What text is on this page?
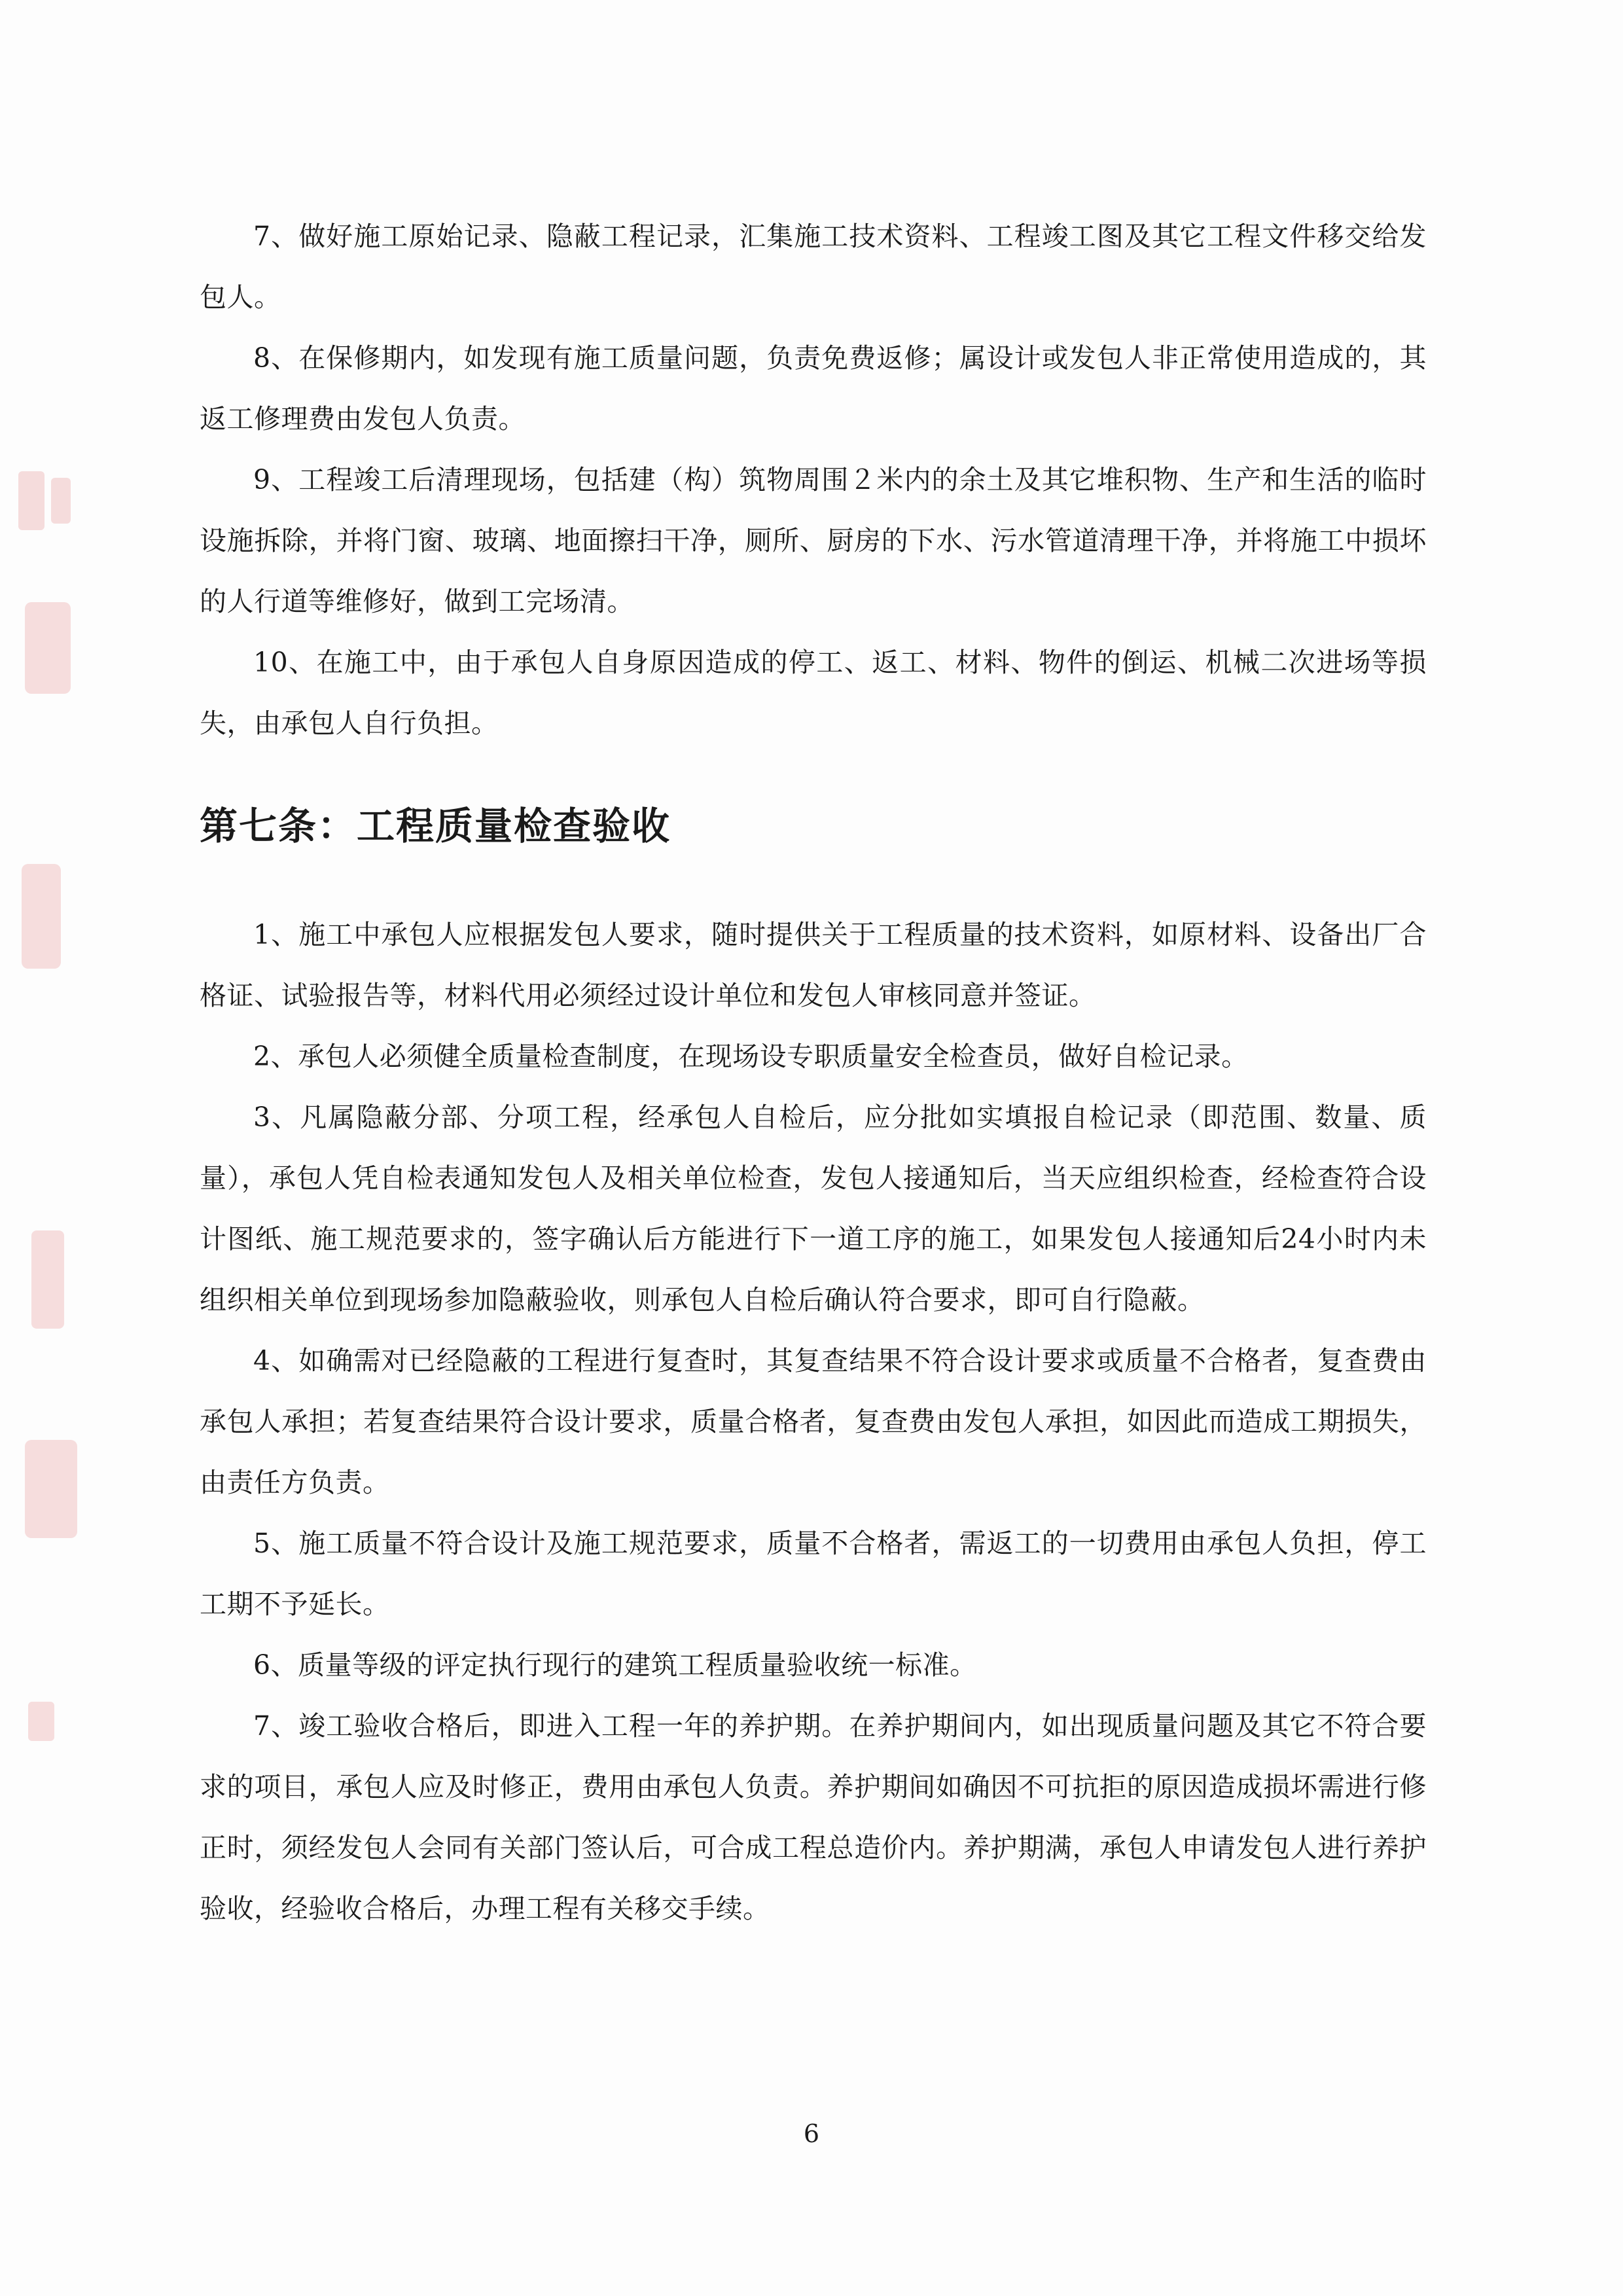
7、做好施工原始记录、隐蔽工程记录，汇集施工技术资料、工程竣工图及其它工程文件移交给发包人。

8、在保修期内，如发现有施工质量问题，负责免费返修；属设计或发包人非正常使用造成的，其返工修理费由发包人负责。

9、工程竣工后清理现场，包括建（构）筑物周围２米内的余土及其它堆积物、生产和生活的临时设施拆除，并将门窗、玻璃、地面擦扫干净，厕所、厨房的下水、污水管道清理干净，并将施工中损坏的人行道等维修好，做到工完场清。

10、在施工中，由于承包人自身原因造成的停工、返工、材料、物件的倒运、机械二次进场等损失，由承包人自行负担。

第七条：工程质量检查验收

1、施工中承包人应根据发包人要求，随时提供关于工程质量的技术资料，如原材料、设备出厂合格证、试验报告等，材料代用必须经过设计单位和发包人审核同意并签证。

2、承包人必须健全质量检查制度，在现场设专职质量安全检查员，做好自检记录。

3、凡属隐蔽分部、分项工程，经承包人自检后，应分批如实填报自检记录（即范围、数量、质量），承包人凭自检表通知发包人及相关单位检查，发包人接通知后，当天应组织检查，经检查符合设计图纸、施工规范要求的，签字确认后方能进行下一道工序的施工，如果发包人接通知后24小时内未组织相关单位到现场参加隐蔽验收，则承包人自检后确认符合要求，即可自行隐蔽。

4、如确需对已经隐蔽的工程进行复查时，其复查结果不符合设计要求或质量不合格者，复查费由承包人承担；若复查结果符合设计要求，质量合格者，复查费由发包人承担，如因此而造成工期损失，由责任方负责。

5、施工质量不符合设计及施工规范要求，质量不合格者，需返工的一切费用由承包人负担，停工工期不予延长。

6、质量等级的评定执行现行的建筑工程质量验收统一标准。

7、竣工验收合格后，即进入工程一年的养护期。在养护期间内，如出现质量问题及其它不符合要求的项目，承包人应及时修正，费用由承包人负责。养护期间如确因不可抗拒的原因造成损坏需进行修正时，须经发包人会同有关部门签认后，可合成工程总造价内。养护期满，承包人申请发包人进行养护验收，经验收合格后，办理工程有关移交手续。

6
